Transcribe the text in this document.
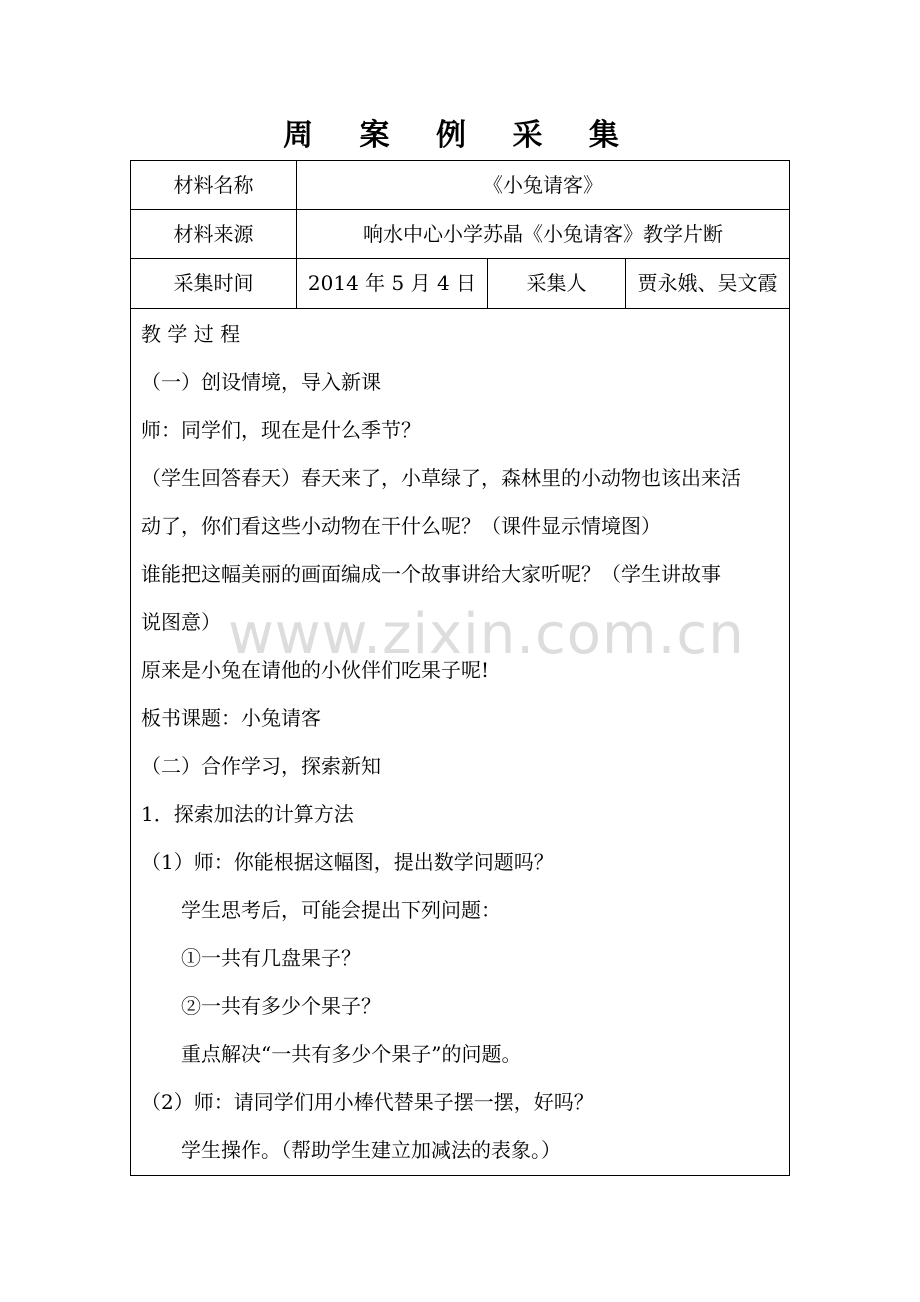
周 案 例 采 集
材料名称	《小兔请客》
材料来源	响水中心小学苏晶《小兔请客》教学片断
采集时间	2014 年 5 月 4 日	采集人	贾永娥、吴文霞
教 学 过 程
（一）创设情境，导入新课
师：同学们，现在是什么季节？
（学生回答春天）春天来了，小草绿了，森林里的小动物也该出来活
动了，你们看这些小动物在干什么呢？（课件显示情境图）
谁能把这幅美丽的画面编成一个故事讲给大家听呢？（学生讲故事
说图意）
原来是小兔在请他的小伙伴们吃果子呢!
板书课题：小兔请客
（二）合作学习，探索新知
1．探索加法的计算方法
（1）师：你能根据这幅图，提出数学问题吗？
　　学生思考后，可能会提出下列问题：
　　①一共有几盘果子？
　　②一共有多少个果子？
　　重点解决“一共有多少个果子”的问题。
（2）师：请同学们用小棒代替果子摆一摆，好吗？
　　学生操作。（帮助学生建立加减法的表象。）
www.zixin.com.cn
